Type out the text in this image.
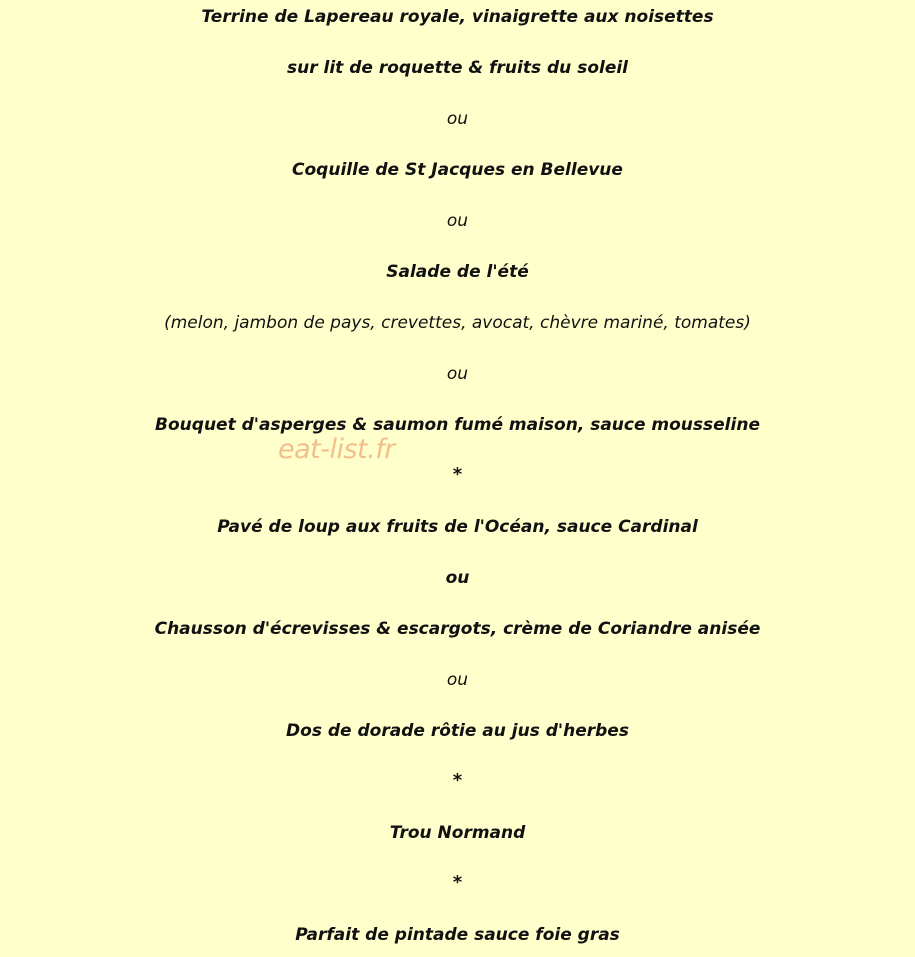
Terrine de Lapereau royale, vinaigrette aux noisettes
sur lit de roquette & fruits du soleil
ou
Coquille de St Jacques en Bellevue
ou
Salade de l'été
(melon, jambon de pays, crevettes, avocat, chèvre mariné, tomates)
ou
Bouquet d'asperges & saumon fumé maison, sauce mousseline
*
Pavé de loup aux fruits de l'Océan, sauce Cardinal
ou
Chausson d'écrevisses & escargots, crème de Coriandre anisée
ou
Dos de dorade rôtie au jus d'herbes
*
Trou Normand
*
Parfait de pintade sauce foie gras
eat-list.fr
